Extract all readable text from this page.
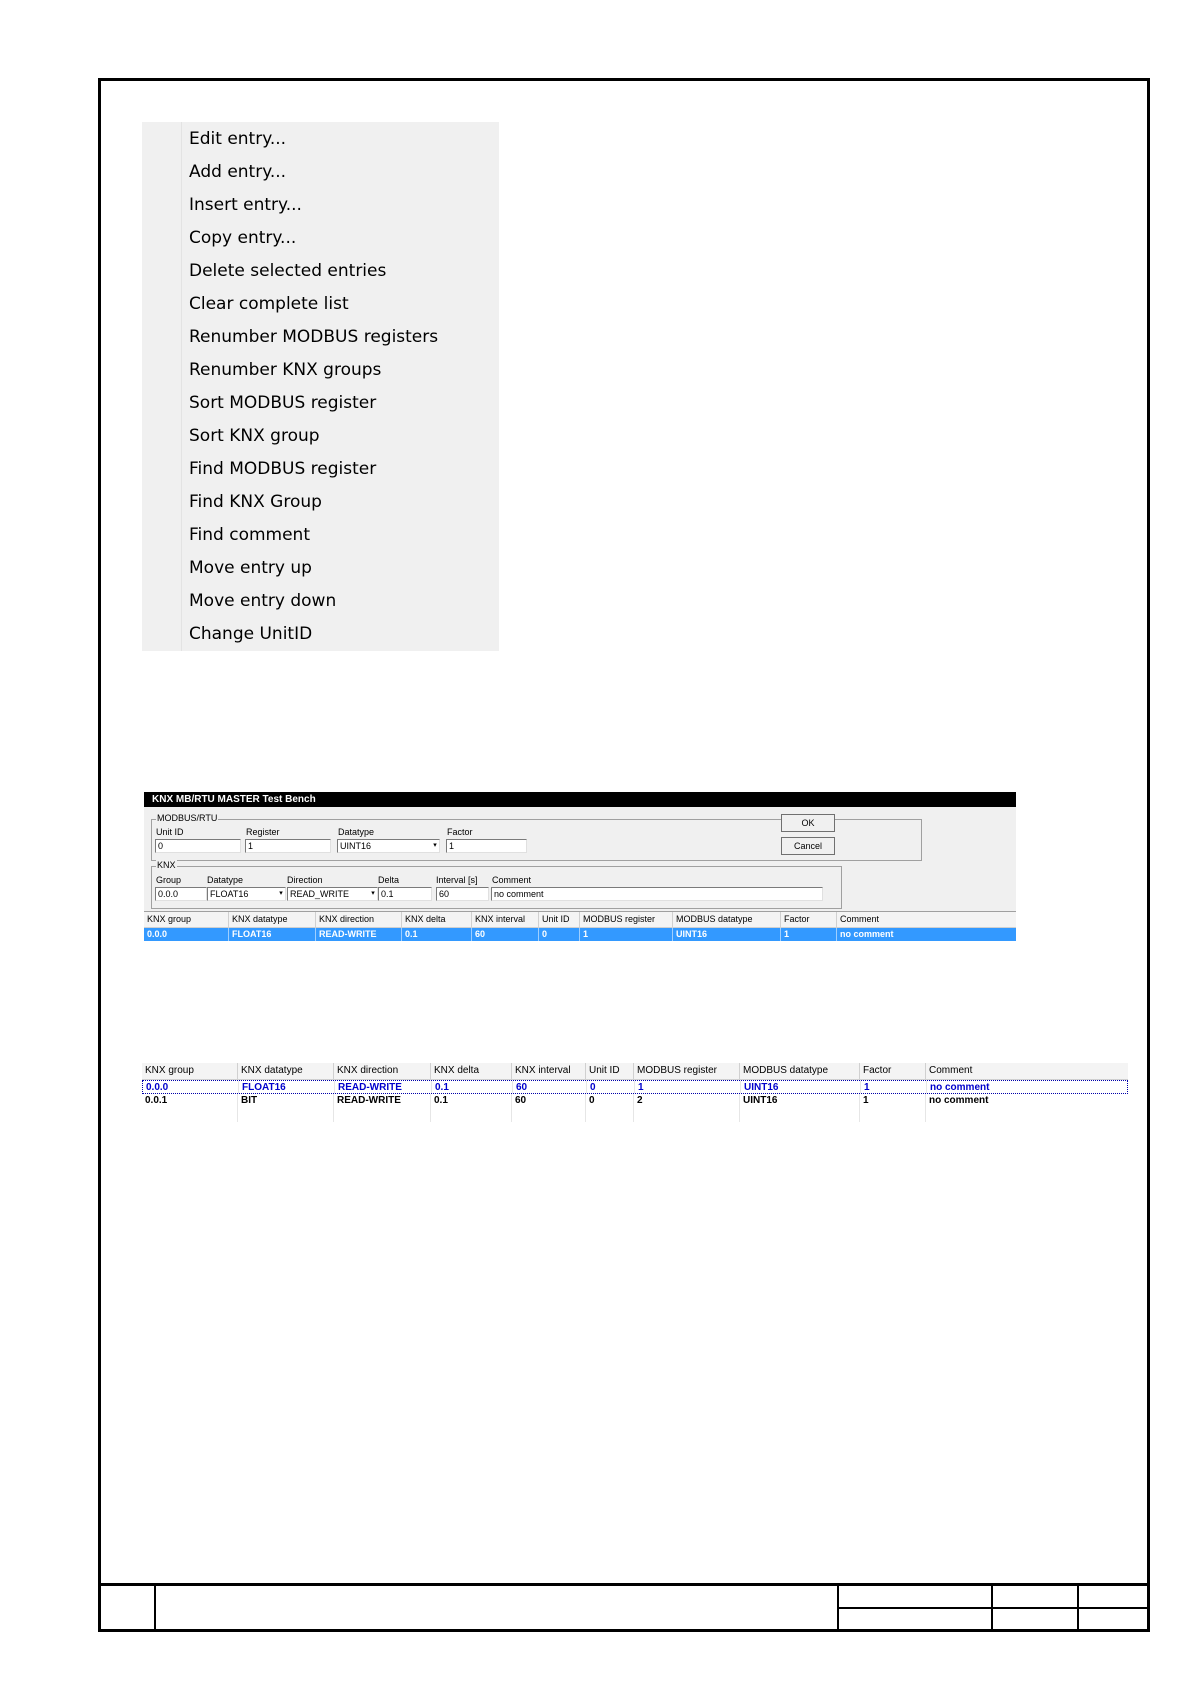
Edit entry...
Add entry...
Insert entry...
Copy entry...
Delete selected entries
Clear complete list
Renumber MODBUS registers
Renumber KNX groups
Sort MODBUS register
Sort KNX group
Find MODBUS register
Find KNX Group
Find comment
Move entry up
Move entry down
Change UnitID
KNX MB/RTU MASTER Test Bench
MODBUS/RTU
Unit ID
0
Register
1
Datatype
UINT16	▾
Factor
1
OK
Cancel
KNX
Group
0.0.0
Datatype
FLOAT16	▾
Direction
READ_WRITE	▾
Delta
0.1
Interval [s]
60
Comment
no comment
KNX group	KNX datatype	KNX direction	KNX delta	KNX interval	Unit ID	MODBUS register	MODBUS datatype	Factor	Comment
0.0.0	FLOAT16	READ-WRITE	0.1	60	0	1	UINT16	1	no comment
KNX group	KNX datatype	KNX direction	KNX delta	KNX interval	Unit ID	MODBUS register	MODBUS datatype	Factor	Comment
0.0.0	FLOAT16	READ-WRITE	0.1	60	0	1	UINT16	1	no comment
0.0.1	BIT	READ-WRITE	0.1	60	0	2	UINT16	1	no comment
